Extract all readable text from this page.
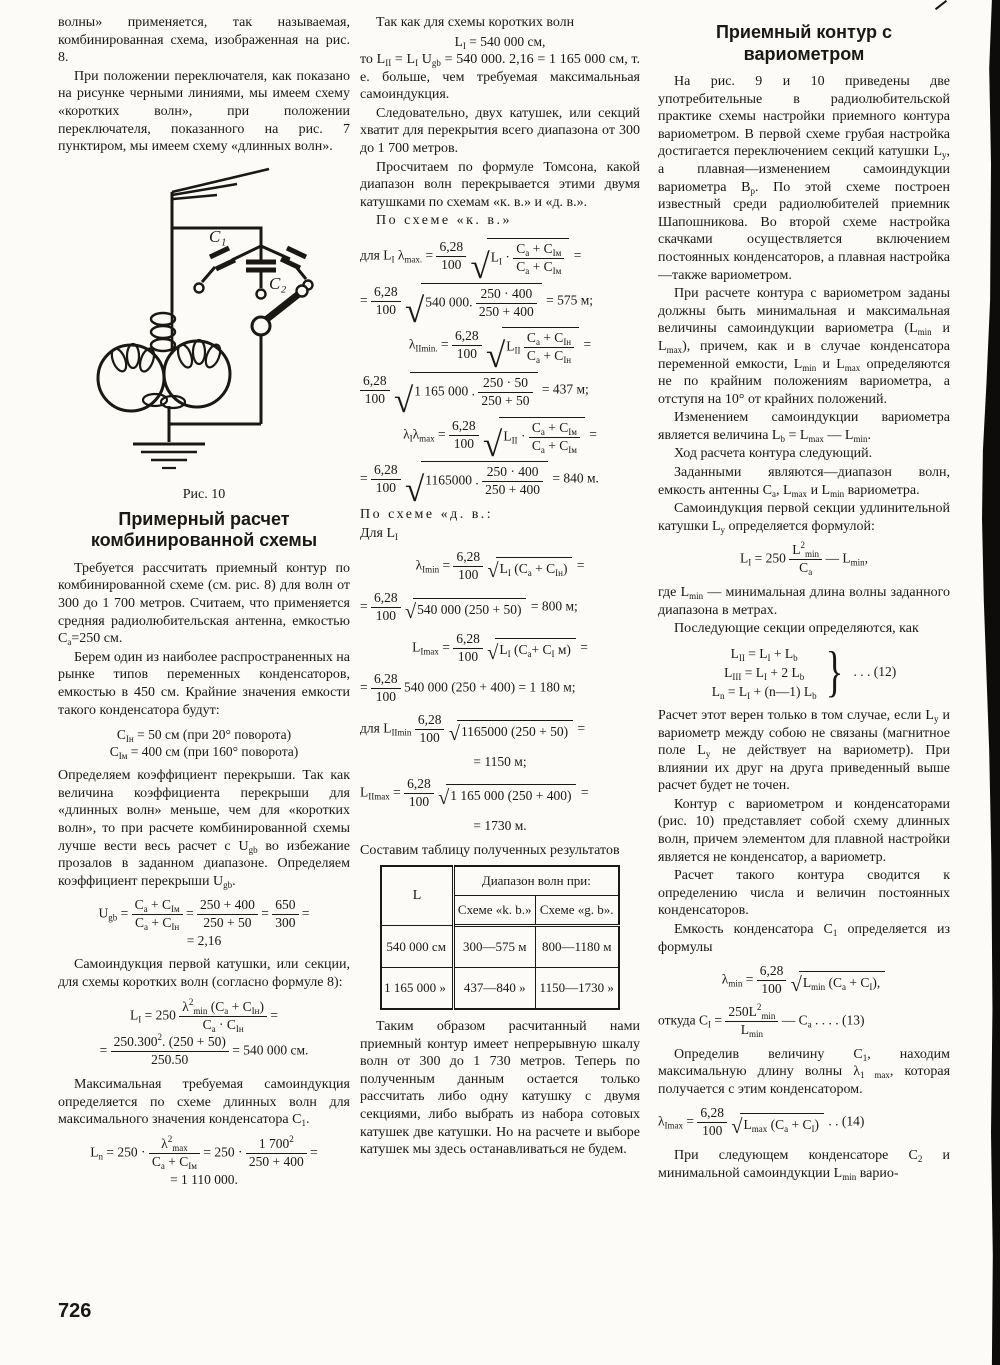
волны» применяется, так называемая, комбинированная схема, изображенная на рис. 8.

При положении переключателя, как показано на рисунке черными линиями, мы имеем схему «коротких волн», при положении переключателя, показанного на рис. 7 пунктиром, мы имеем схему «длинных волн».

C₁
C₂
Рис. 10
Примерный расчет комбинированной схемы

Требуется рассчитать приемный контур по комбинированной схеме (см. рис. 8) для волн от 300 до 1 700 метров. Считаем, что применяется средняя радиолюбительская антенна, емкостью $C_a=250$ см.

Берем один из наиболее распространенных на рынке типов переменных конденсаторов, емкостью в 450 см. Крайние значения емкости такого конденсатора будут:

$C_{Iн} = 50$ см (при 20° поворота)
$C_{Iм} = 400$ см (при 160° поворота)

Определяем коэффициент перекрыши. Так как величина коэффициента перекрыши для «длинных волн» меньше, чем для «коротких волн», то при расчете комбинированной схемы лучше вести весь расчет с $U_{gb}$ во избежание прозалов в заданном диапазоне. Определяем коэффициент перекрыши $U_{gb}$.

$U_{gb} = \frac{C_a + C_{Iм}}{C_a + C_{Iн}} = \frac{250 + 400}{250 + 50} = \frac{650}{300}$ =
= 2,16

Самоиндукция первой катушки, или секции, для схемы коротких волн (согласно формуле 8):

$L_I = 250 \frac{\lambda^2_{min} (C_a + C_{Iн})}{C_a \cdot C_{Iн}}$ =
= $\frac{250.300^2. (250 + 50)}{250.50} = 540$ 000 см.

Максимальная требуемая самоиндукция определяется по схеме длинных волн для максимального значения конденсатора $C_1$.

$L_n = 250 \cdot \frac{\lambda^2_{max}}{C_a + C_{Iм}} = 250 \cdot \frac{1 700^2}{250 + 400}$ =
= 1 110 000.

Так как для схемы коротких волн

$L_I = 540$ 000 см,

то $L_{II} = L_I$ $U_{gb} = 540$ 000. 2,16 = 1 165 000 см, т. е. больше, чем требуемая максимальньая самоиндукция.

Следовательно, двух катушек, или секций хватит для перекрытия всего диапазона от 300 до 1 700 метров.

Просчитаем по формуле Томсона, какой диапазон волн перекрывается этими двумя катушками по схемам «к. в.» и «д. в.».

По схеме «к. в.»

для $L_I$ $\lambda_{max.} = \frac{6,28}{100}$
√ $L_I \cdot \frac{C_a + C_{Iм}}{C_a + C_{Iм}}$ =
= $\frac{6,28}{100}$
√ 540 000. $\frac{250 \cdot 400}{250 + 400} = 575$ м;
$\lambda_{IImin.} = \frac{6,28}{100}$
√ $L_{II} \frac{C_a + C_{Iн}}{C_a + C_{Iн}}$ =
$\frac{6,28}{100}$
√ 1 165 000 . $\frac{250 \cdot 50}{250 + 50} = 437$ м;
$\lambda_I\lambda_{max} = \frac{6,28}{100}$
√ $L_{II} \cdot \frac{C_a + C_{Iм}}{C_a + C_{Iм}}$ =
= $\frac{6,28}{100}$
√ 1165000 . $\frac{250 \cdot 400}{250 + 400} = 840$ м.

По схеме «д. в.:

Для $L_I$

$\lambda_{Imin} = \frac{6,28}{100}$
√ $L_I$ $(C_a + C_{Iн})$ =
= $\frac{6,28}{100}$
√ 540 000 (250 + 50) = 800 м;
$L_{Imax} = \frac{6,28}{100}$
√ $L_I$ ($C_a+ C_I$ м) =
= $\frac{6,28}{100} 540$ 000 (250 + 400) = 1 180 м;
для $L_{IImin} \frac{6,28}{100}$
√ 1165000 (250 + 50) =
= 1150 м;
$L_{IImax} = \frac{6,28}{100}$
√ 1 165 000 (250 + 400) =
= 1730 м.

Составим таблицу полученных результатов

L	Диапазон волн при:	
	Схеме «k. b.»	Схеме «g. b».
540 000 см	300—575 м	800—1180 м
1 165 000 »	437—840 »	1150—1730 »

Таким образом расчитанный нами приемный контур имеет непрерывную шкалу волн от 300 до 1 730 метров. Теперь по полученным данным остается только рассчитать либо одну катушку с двумя секциями, либо выбрать из набора сотовых катушек две катушки. Но на расчете и выборе катушек мы здесь останавливаться не будем.

Приемный контур с вариометром

На рис. 9 и 10 приведены две употребительные в радиолюбительской практике схемы настройки приемного контура вариометром. В первой схеме грубая настройка достигается переключением секций катушки $L_y$, а плавная—изменением самоиндукции вариометра $B_p$. По этой схеме построен известный среди радиолюбителей приемник Шапошникова. Во второй схеме настройка скачками осуществляется включением постоянных конденсаторов, а плавная настройка—также вариометром.

При расчете контура с вариометром заданы должны быть минимальная и максимальная величины самоиндукции вариометра ($L_{min}$ и $L_{max}$), причем, как и в случае конденсатора переменной емкости, $L_{min}$ и $L_{max}$ определяются не по крайним положениям вариометра, а отступя на 10° от крайних положений.

Изменением самоиндукции вариометра является величина $L_b = L_{max}$ — $L_{min}$.

Ход расчета контура следующий.

Заданными являются—диапазон волн, емкость антенны $C_a$, $L_{max}$ и $L_{min}$ вариометра.

Самоиндукция первой секции удлинительной катушки $L_y$ определяется формулой:

$L_I = 250 \frac{L^2_{min}}{C_a}$ — $L_{min}$,

где $L_{min}$ — минимальная длина волны заданного диапазона в метрах.

Последующие секции определяются, как

$L_{II} = L_I + L_b$
$L_{III} = L_I + 2$ $L_b$
$L_n = L_I$ + (n—1) $L_b$ } . . . (12)

Расчет этот верен только в том случае, если $L_y$ и вариометр между собою не связаны (магнитное поле $L_y$ не действует на вариометр). При влиянии их друг на друга приведенный выше расчет будет не точен.

Контур с вариометром и конденсаторами (рис. 10) представляет собой схему длинных волн, причем элементом для плавной настройки является не конденсатор, а вариометр.

Расчет такого контура сводится к определению числа и величин постоянных конденсаторов.

Емкость конденсатора $C_1$ определяется из формулы

$\lambda_{min} = \frac{6,28}{100}$
√ $L_{min}$ $(C_a + C_I)$,
откуда $C_I = \frac{250L^2_{min}}{L_{min}}$ — $C_a$ . . . . (13)

Определив величину $C_1$, находим максимальную длину волны $\lambda_{1 max}$, которая получается с этим конденсатором.

$\lambda_{Imax} = \frac{6,28}{100}$
√ $L_{max}$ $(C_a + C_I)$ . . (14)

При следующем конденсаторе $C_2$ и минимальной самоиндукции $L_{min}$ варио-

726
